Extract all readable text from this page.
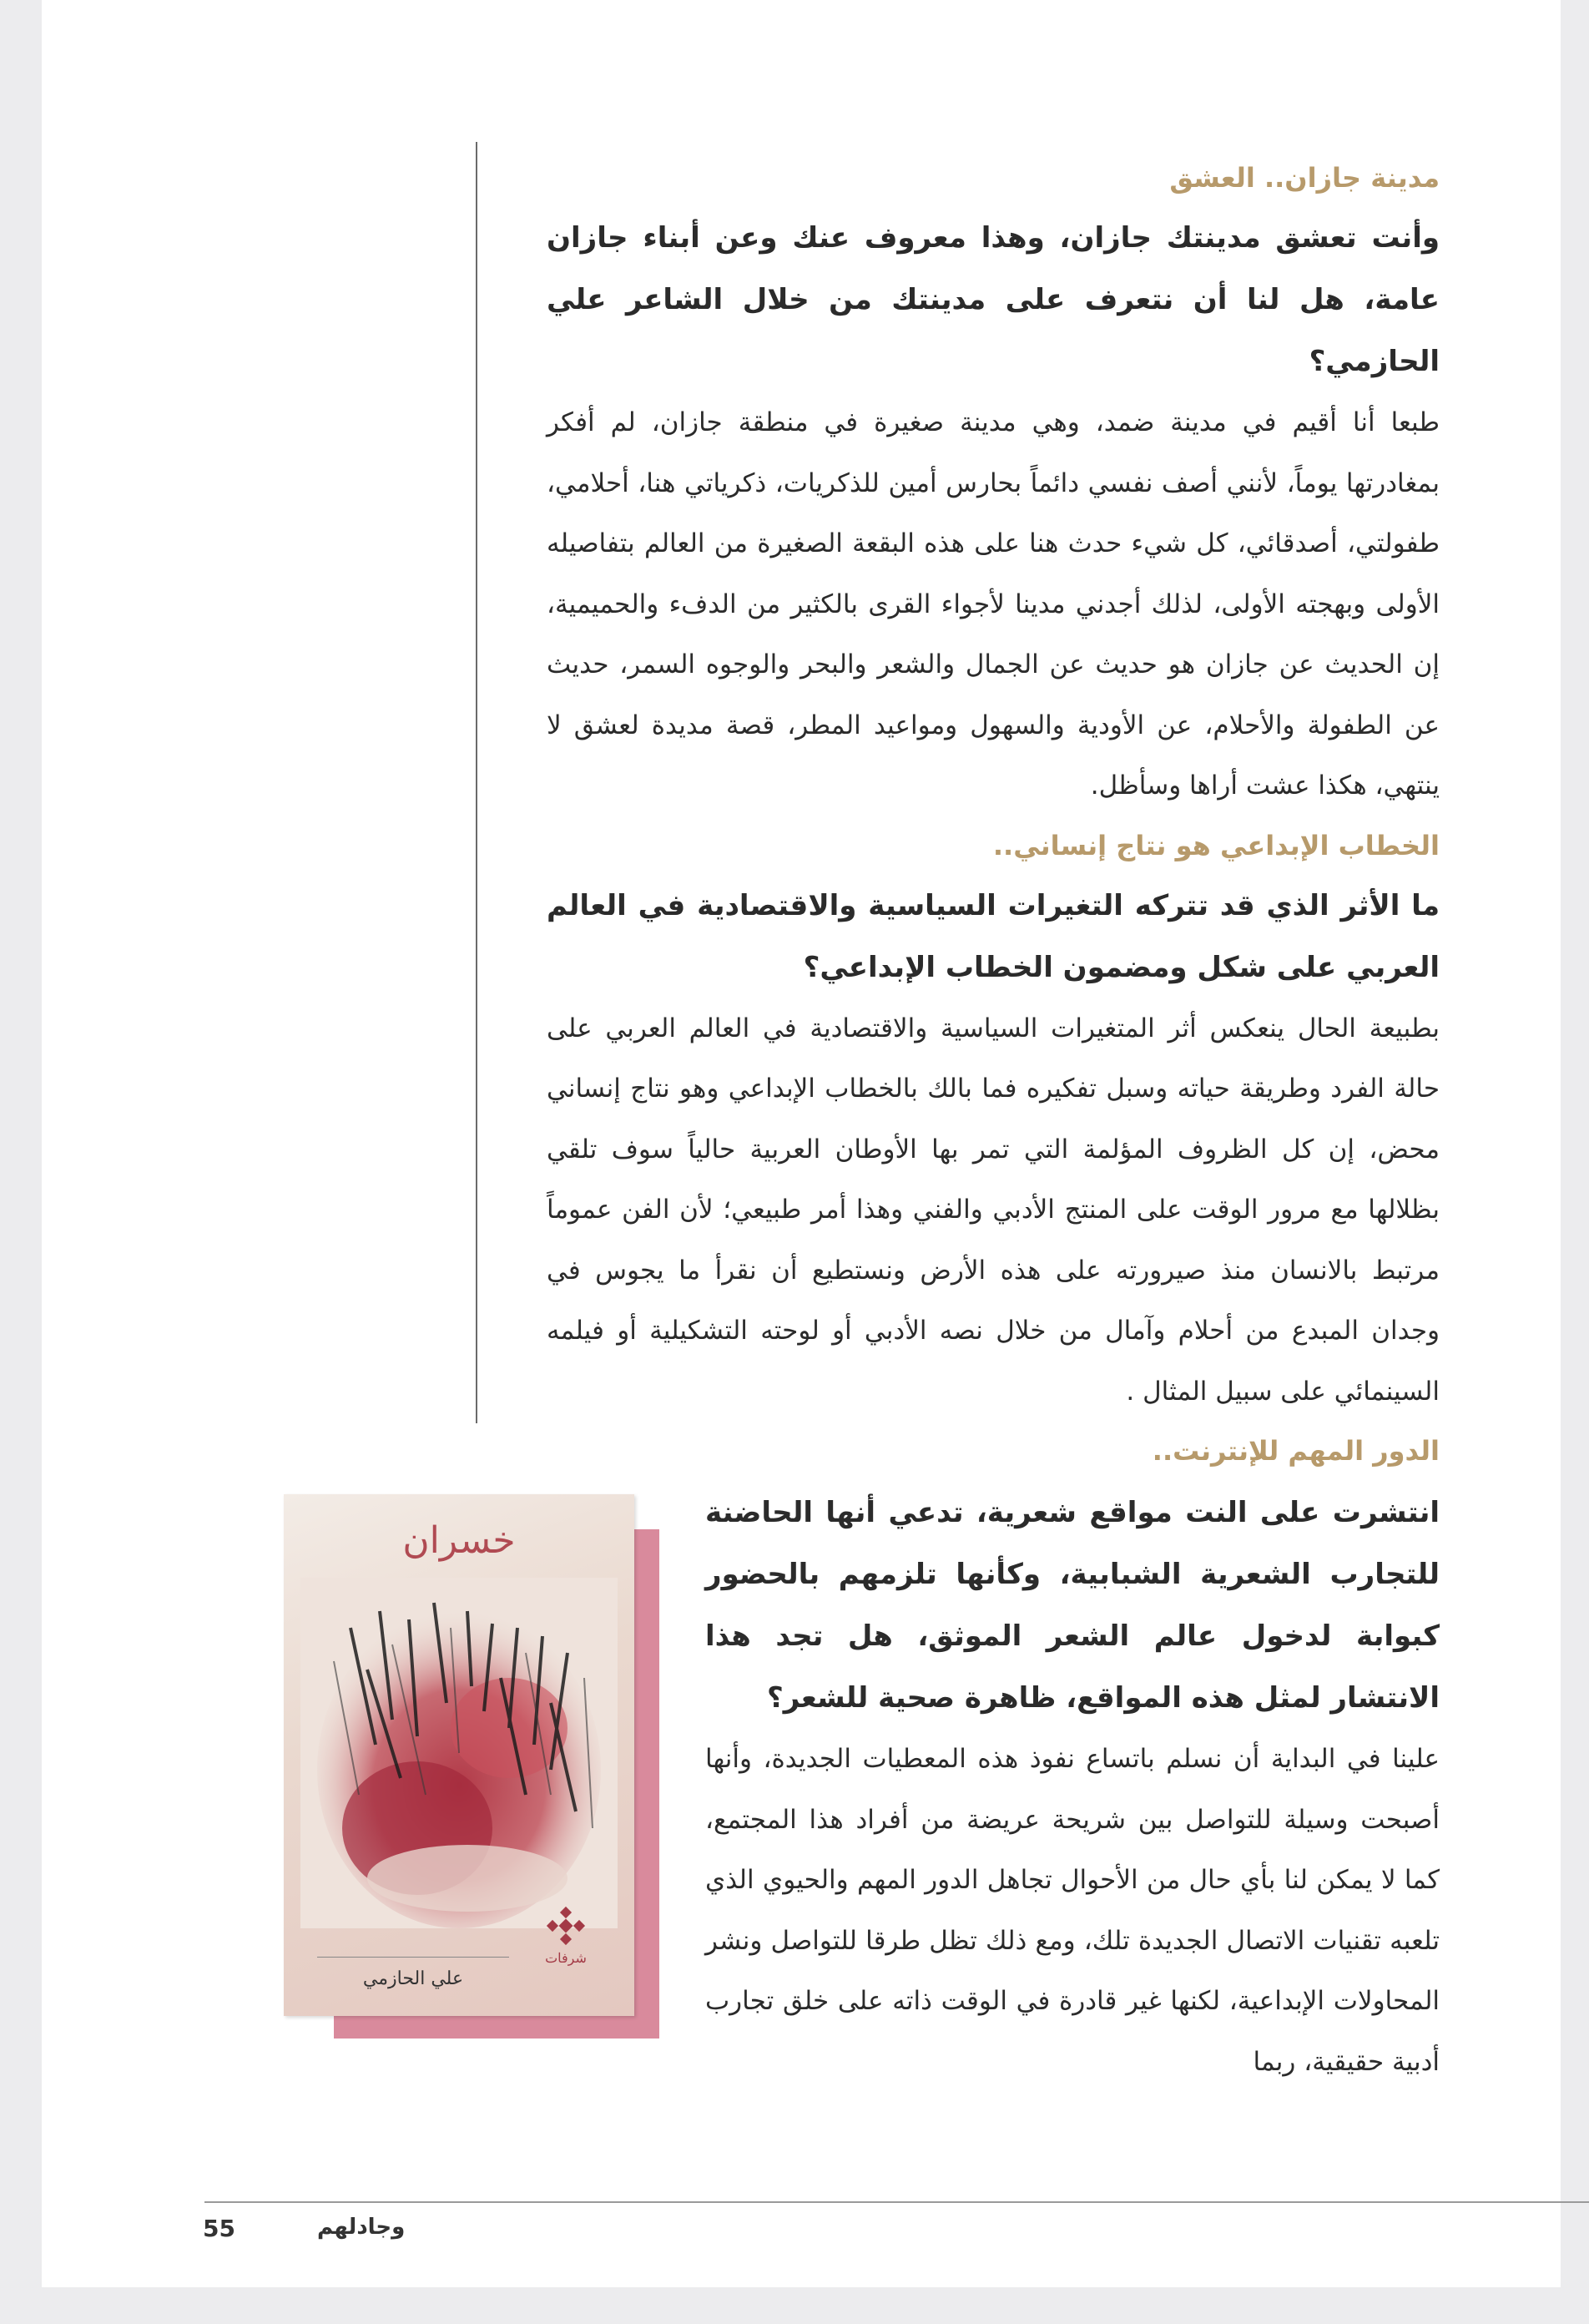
مدينة جازان.. العشق

وأنت تعشق مدينتك جازان، وهذا معروف عنك وعن أبناء جازان عامة، هل لنا أن نتعرف على مدينتك من خلال الشاعر علي الحازمي؟

طبعا أنا أقيم في مدينة ضمد، وهي مدينة صغيرة في منطقة جازان، لم أفكر بمغادرتها يوماً، لأنني أصف نفسي دائماً بحارس أمين للذكريات، ذكرياتي هنا، أحلامي، طفولتي، أصدقائي، كل شيء حدث هنا على هذه البقعة الصغيرة من العالم بتفاصيله الأولى وبهجته الأولى، لذلك أجدني مدينا لأجواء القرى بالكثير من الدفء والحميمية، إن الحديث عن جازان هو حديث عن الجمال والشعر والبحر والوجوه السمر، حديث عن الطفولة والأحلام، عن الأودية والسهول ومواعيد المطر، قصة مديدة لعشق لا ينتهي، هكذا عشت أراها وسأظل.

الخطاب الإبداعي هو نتاج إنساني..

ما الأثر الذي قد تتركه التغيرات السياسية والاقتصادية في العالم العربي على شكل ومضمون الخطاب الإبداعي؟

بطبيعة الحال ينعكس أثر المتغيرات السياسية والاقتصادية في العالم العربي على حالة الفرد وطريقة حياته وسبل تفكيره فما بالك بالخطاب الإبداعي وهو نتاج إنساني محض، إن كل الظروف المؤلمة التي تمر بها الأوطان العربية حالياً سوف تلقي بظلالها مع مرور الوقت على المنتج الأدبي والفني وهذا أمر طبيعي؛ لأن الفن عموماً مرتبط بالانسان منذ صيرورته على هذه الأرض ونستطيع أن نقرأ ما يجوس في وجدان المبدع من أحلام وآمال من خلال نصه الأدبي أو لوحته التشكيلية أو فيلمه السينمائي على سبيل المثال .

الدور المهم للإنترنت..

انتشرت على النت مواقع شعرية، تدعي أنها الحاضنة للتجارب الشعرية الشبابية، وكأنها تلزمهم بالحضور كبوابة لدخول عالم الشعر الموثق، هل تجد هذا الانتشار لمثل هذه المواقع، ظاهرة صحية للشعر؟

علينا في البداية أن نسلم باتساع نفوذ هذه المعطيات الجديدة، وأنها أصبحت وسيلة للتواصل بين شريحة عريضة من أفراد هذا المجتمع، كما لا يمكن لنا بأي حال من الأحوال تجاهل الدور المهم والحيوي الذي تلعبه تقنيات الاتصال الجديدة تلك، ومع ذلك تظل طرقا للتواصل ونشر المحاولات الإبداعية، لكنها غير قادرة في الوقت ذاته على خلق تجارب أدبية حقيقية، ربما

خسران
علي الحازمي
شرفات
55	وجادلهم
